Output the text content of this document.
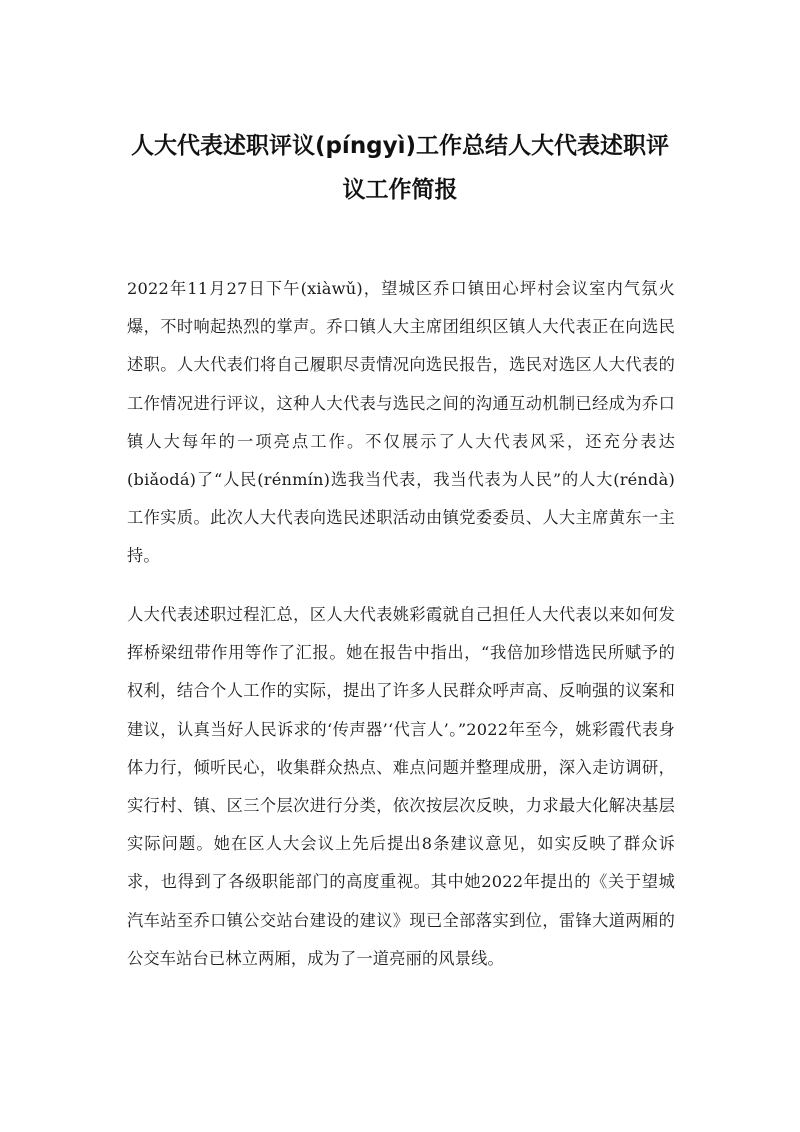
人大代表述职评议(píngyì)工作总结人大代表述职评议工作简报

2022年11月27日下午(xiàwǔ)，望城区乔口镇田心坪村会议室内气氛火爆，不时响起热烈的掌声。乔口镇人大主席团组织区镇人大代表正在向选民述职。人大代表们将自己履职尽责情况向选民报告，选民对选区人大代表的工作情况进行评议，这种人大代表与选民之间的沟通互动机制已经成为乔口镇人大每年的一项亮点工作。不仅展示了人大代表风采，还充分表达(biǎodá)了“人民(rénmín)选我当代表，我当代表为人民”的人大(réndà)工作实质。此次人大代表向选民述职活动由镇党委委员、人大主席黄东一主持。

人大代表述职过程汇总，区人大代表姚彩霞就自己担任人大代表以来如何发挥桥梁纽带作用等作了汇报。她在报告中指出，“我倍加珍惜选民所赋予的权利，结合个人工作的实际，提出了许多人民群众呼声高、反响强的议案和建议，认真当好人民诉求的‘传声器’‘代言人’。”2022年至今，姚彩霞代表身体力行，倾听民心，收集群众热点、难点问题并整理成册，深入走访调研，实行村、镇、区三个层次进行分类，依次按层次反映，力求最大化解决基层实际问题。她在区人大会议上先后提出8条建议意见，如实反映了群众诉求，也得到了各级职能部门的高度重视。其中她2022年提出的《关于望城汽车站至乔口镇公交站台建设的建议》现已全部落实到位，雷锋大道两厢的公交车站台已林立两厢，成为了一道亮丽的风景线。
